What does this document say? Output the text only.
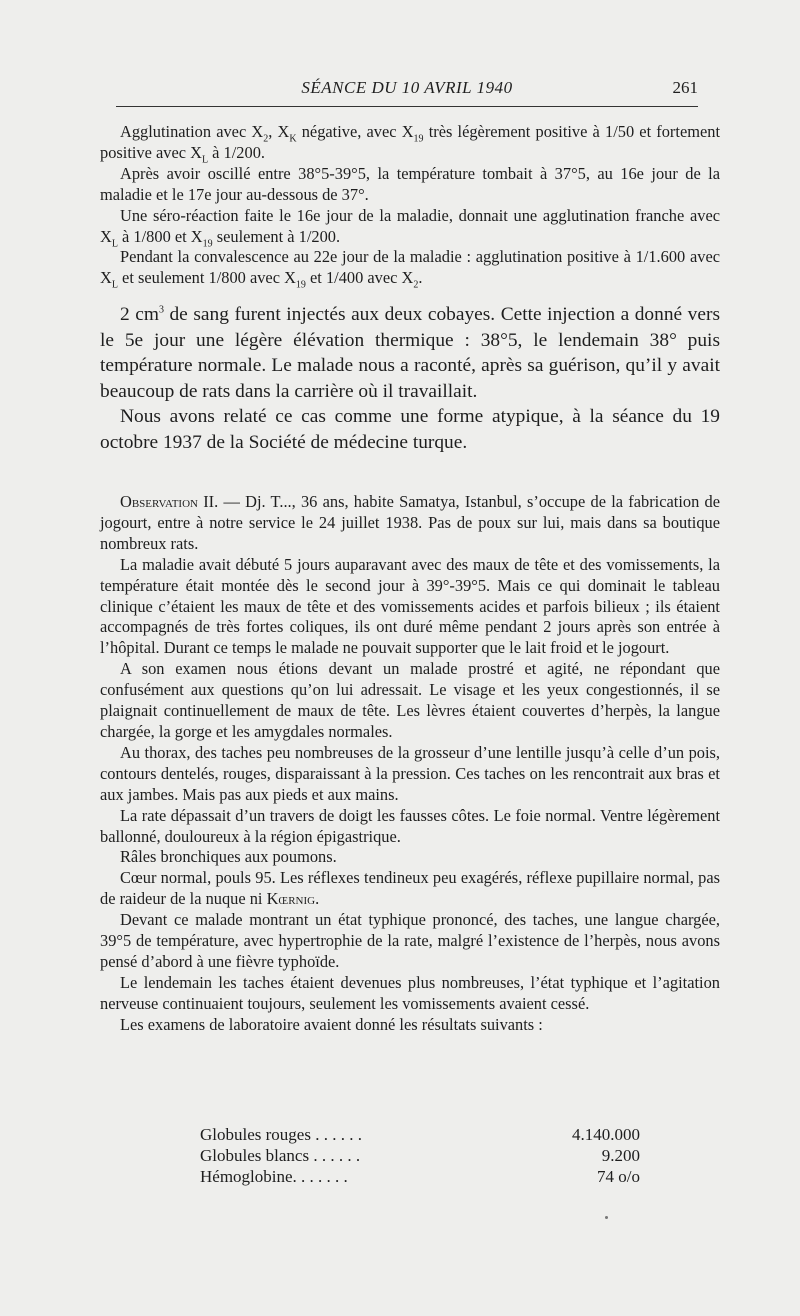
SÉANCE DU 10 AVRIL 1940	261

Agglutination avec $X_2$, $X_K$ négative, avec $X_{19}$ très légèrement positive à 1/50 et fortement positive avec $X_L$ à 1/200.

Après avoir oscillé entre 38°5-39°5, la température tombait à 37°5, au 16e jour de la maladie et le 17e jour au-dessous de 37°.

Une séro-réaction faite le 16e jour de la maladie, donnait une agglutination franche avec $X_L$ à 1/800 et $X_{19}$ seulement à 1/200.

Pendant la convalescence au 22e jour de la maladie : agglutination positive à 1/1.600 avec $X_L$ et seulement 1/800 avec $X_{19}$ et 1/400 avec $X_2$.

2 $cm^3$ de sang furent injectés aux deux cobayes. Cette injection a donné vers le 5e jour une légère élévation thermique : 38°5, le lendemain 38° puis température normale. Le malade nous a raconté, après sa guérison, qu’il y avait beaucoup de rats dans la carrière où il travaillait.

Nous avons relaté ce cas comme une forme atypique, à la séance du 19 octobre 1937 de la Société de médecine turque.

Observation II. — Dj. T..., 36 ans, habite Samatya, Istanbul, s’occupe de la fabrication de jogourt, entre à notre service le 24 juillet 1938. Pas de poux sur lui, mais dans sa boutique nombreux rats.

La maladie avait débuté 5 jours auparavant avec des maux de tête et des vomissements, la température était montée dès le second jour à 39°-39°5. Mais ce qui dominait le tableau clinique c’étaient les maux de tête et des vomissements acides et parfois bilieux ; ils étaient accompagnés de très fortes coliques, ils ont duré même pendant 2 jours après son entrée à l’hôpital. Durant ce temps le malade ne pouvait supporter que le lait froid et le jogourt.

A son examen nous étions devant un malade prostré et agité, ne répondant que confusément aux questions qu’on lui adressait. Le visage et les yeux congestionnés, il se plaignait continuellement de maux de tête. Les lèvres étaient couvertes d’herpès, la langue chargée, la gorge et les amygdales normales.

Au thorax, des taches peu nombreuses de la grosseur d’une lentille jusqu’à celle d’un pois, contours dentelés, rouges, disparaissant à la pression. Ces taches on les rencontrait aux bras et aux jambes. Mais pas aux pieds et aux mains.

La rate dépassait d’un travers de doigt les fausses côtes. Le foie normal. Ventre légèrement ballonné, douloureux à la région épigastrique.

Râles bronchiques aux poumons.

Cœur normal, pouls 95. Les réflexes tendineux peu exagérés, réflexe pupillaire normal, pas de raideur de la nuque ni Kœrnig.

Devant ce malade montrant un état typhique prononcé, des taches, une langue chargée, 39°5 de température, avec hypertrophie de la rate, malgré l’existence de l’herpès, nous avons pensé d’abord à une fièvre typhoïde.

Le lendemain les taches étaient devenues plus nombreuses, l’état typhique et l’agitation nerveuse continuaient toujours, seulement les vomissements avaient cessé.

Les examens de laboratoire avaient donné les résultats suivants :

Globules rouges . . . . . .	4.140.000
Globules blancs . . . . . .	9.200
Hémoglobine. . . . . . .	74 o/o
